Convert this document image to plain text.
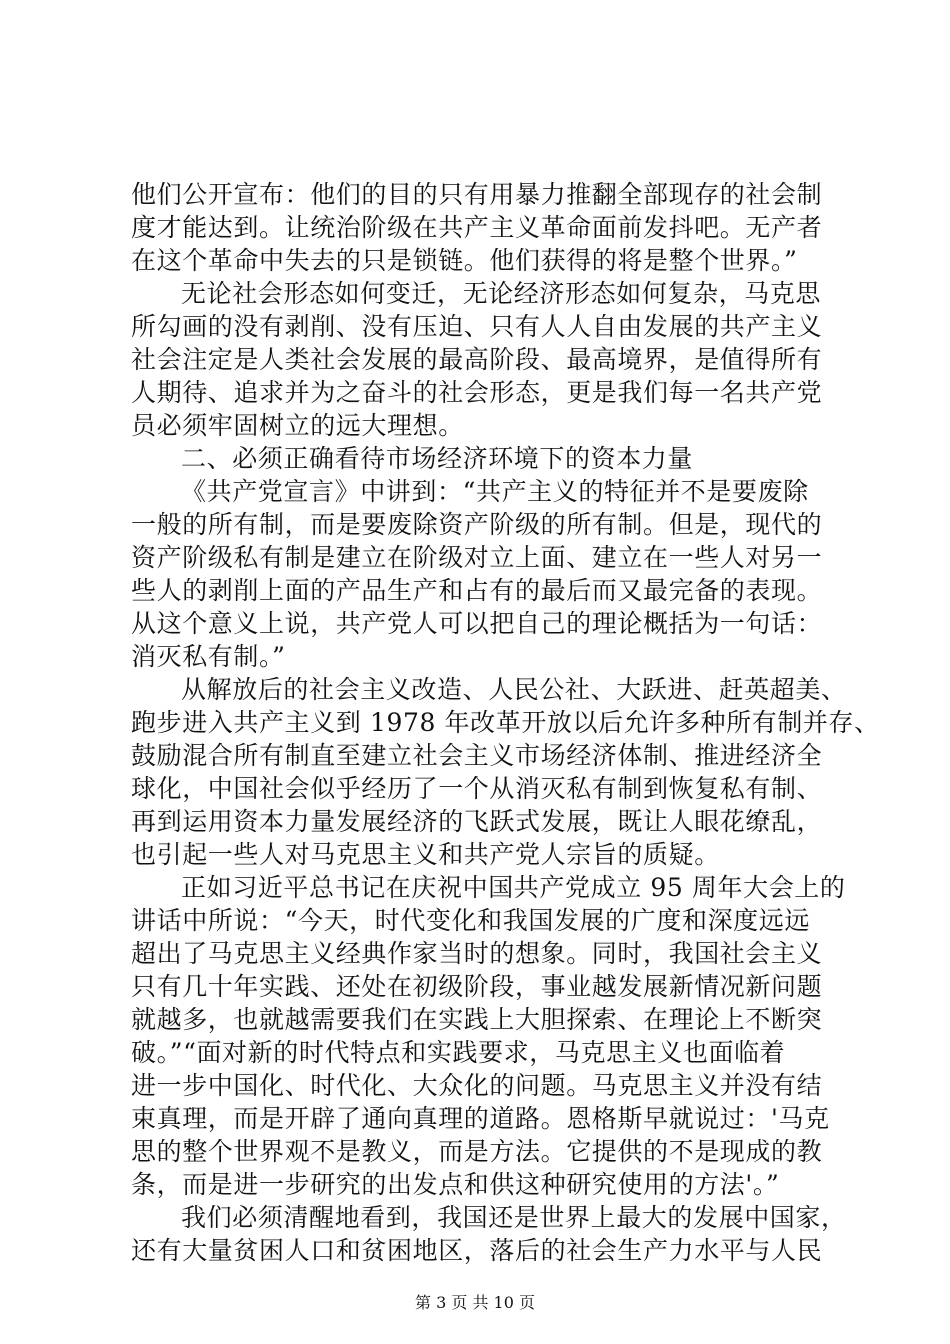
他们公开宣布：他们的目的只有用暴力推翻全部现存的社会制
度才能达到。让统治阶级在共产主义革命面前发抖吧。无产者
在这个革命中失去的只是锁链。他们获得的将是整个世界。”
无论社会形态如何变迁，无论经济形态如何复杂，马克思
所勾画的没有剥削、没有压迫、只有人人自由发展的共产主义
社会注定是人类社会发展的最高阶段、最高境界，是值得所有
人期待、追求并为之奋斗的社会形态，更是我们每一名共产党
员必须牢固树立的远大理想。
二、必须正确看待市场经济环境下的资本力量
《共产党宣言》中讲到：“共产主义的特征并不是要废除
一般的所有制，而是要废除资产阶级的所有制。但是，现代的
资产阶级私有制是建立在阶级对立上面、建立在一些人对另一
些人的剥削上面的产品生产和占有的最后而又最完备的表现。
从这个意义上说，共产党人可以把自己的理论概括为一句话：
消灭私有制。”
从解放后的社会主义改造、人民公社、大跃进、赶英超美、
跑步进入共产主义到 1978 年改革开放以后允许多种所有制并存、
鼓励混合所有制直至建立社会主义市场经济体制、推进经济全
球化，中国社会似乎经历了一个从消灭私有制到恢复私有制、
再到运用资本力量发展经济的飞跃式发展，既让人眼花缭乱，
也引起一些人对马克思主义和共产党人宗旨的质疑。
正如习近平总书记在庆祝中国共产党成立 95 周年大会上的
讲话中所说：“今天，时代变化和我国发展的广度和深度远远
超出了马克思主义经典作家当时的想象。同时，我国社会主义
只有几十年实践、还处在初级阶段，事业越发展新情况新问题
就越多，也就越需要我们在实践上大胆探索、在理论上不断突
破。”“面对新的时代特点和实践要求，马克思主义也面临着
进一步中国化、时代化、大众化的问题。马克思主义并没有结
束真理，而是开辟了通向真理的道路。恩格斯早就说过：'马克
思的整个世界观不是教义，而是方法。它提供的不是现成的教
条，而是进一步研究的出发点和供这种研究使用的方法'。”
我们必须清醒地看到，我国还是世界上最大的发展中国家，
还有大量贫困人口和贫困地区，落后的社会生产力水平与人民
第 3 页 共 10 页
